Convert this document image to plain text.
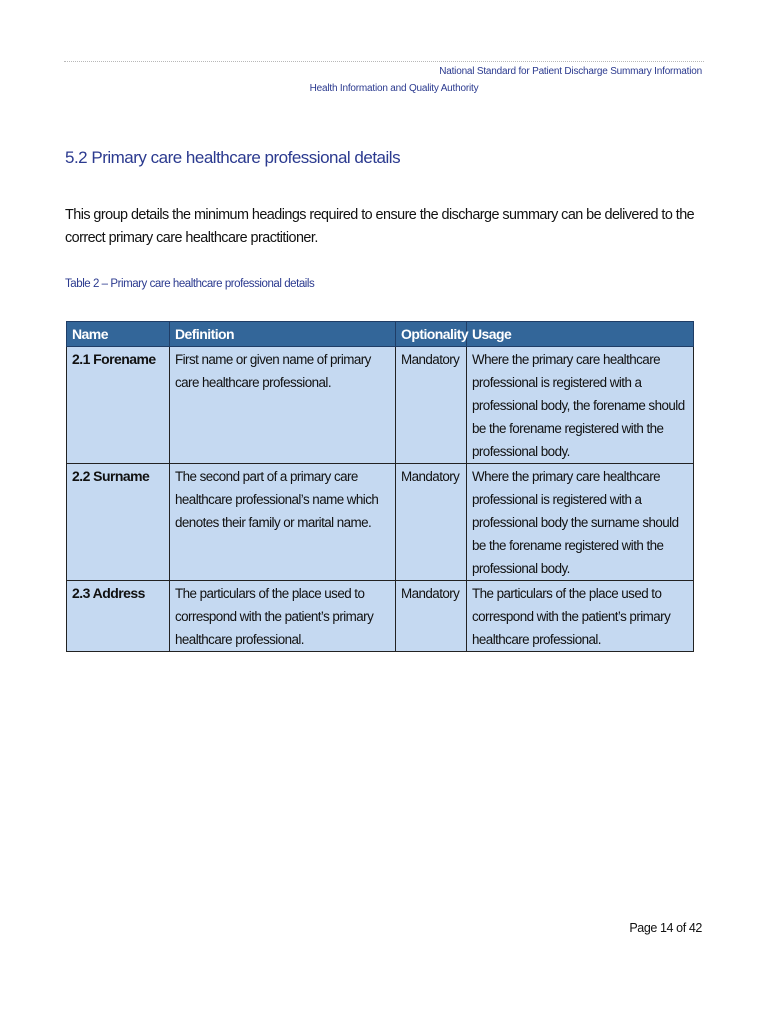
National Standard for Patient Discharge Summary Information
Health Information and Quality Authority
5.2 Primary care healthcare professional details

This group details the minimum headings required to ensure the discharge summary can be delivered to the correct primary care healthcare practitioner.

Table 2 – Primary care healthcare professional details
Name	Definition	Optionality	Usage
2.1 Forename	First name or given name of primary care healthcare professional.	Mandatory	Where the primary care healthcare professional is registered with a professional body, the forename should be the forename registered with the professional body.
2.2 Surname	The second part of a primary care healthcare professional’s name which denotes their family or marital name.	Mandatory	Where the primary care healthcare professional is registered with a professional body the surname should be the forename registered with the professional body.
2.3 Address	The particulars of the place used to correspond with the patient’s primary healthcare professional.	Mandatory	The particulars of the place used to correspond with the patient’s primary healthcare professional.
Page 14 of 42
